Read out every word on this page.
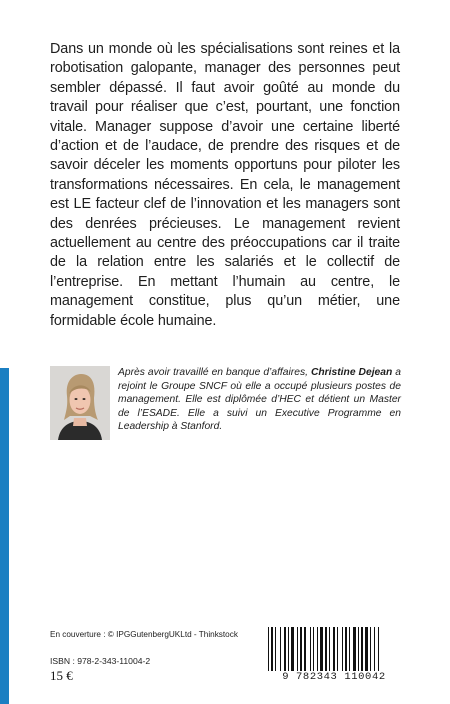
Dans un monde où les spécialisations sont reines et la robotisation galopante, manager des personnes peut sembler dépassé. Il faut avoir goûté au monde du travail pour réaliser que c’est, pourtant, une fonction vitale. Manager suppose d’avoir une certaine liberté d’action et de l’audace, de prendre des risques et de savoir déceler les moments opportuns pour piloter les transformations nécessaires. En cela, le management est LE facteur clef de l’innovation et les managers sont des denrées précieuses. Le management revient actuellement au centre des préoccupations car il traite de la relation entre les salariés et le collectif de l’entreprise. En mettant l’humain au centre, le management constitue, plus qu’un métier, une formidable école humaine.

Après avoir travaillé en banque d’affaires, Christine Dejean a rejoint le Groupe SNCF où elle a occupé plusieurs postes de management. Elle est diplômée d’HEC et détient un Master de l’ESADE. Elle a suivi un Executive Programme en Leadership à Stanford.

En couverture : © IPGGutenbergUKLtd - Thinkstock
ISBN : 978-2-343-11004-2
15 €	9 782343 110042
